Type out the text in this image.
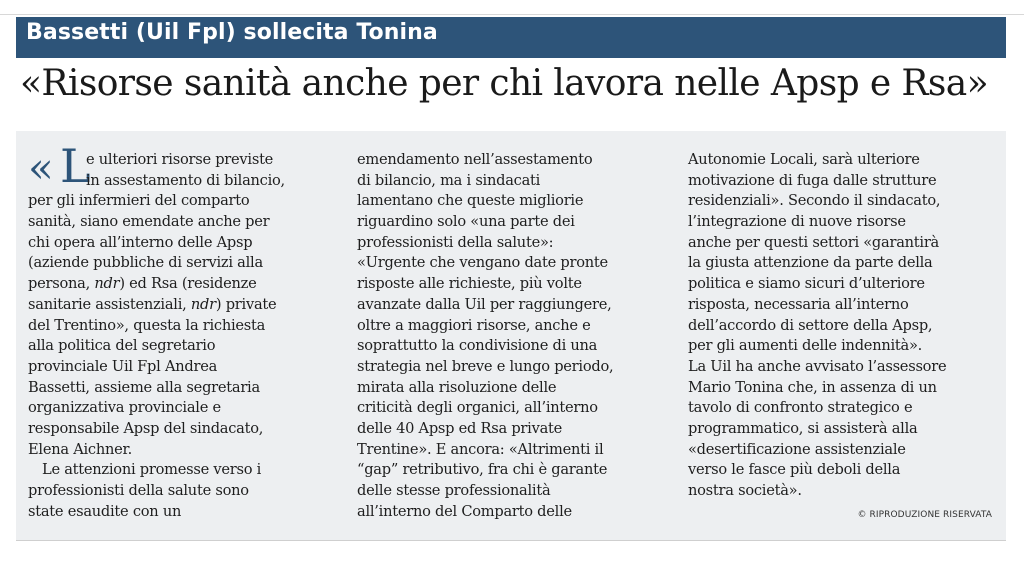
Bassetti (Uil Fpl) sollecita Tonina
«Risorse sanità anche per chi lavora nelle Apsp e Rsa»
« L
e ulteriori risorse previste
in assestamento di bilancio,
per gli infermieri del comparto
sanità, siano emendate anche per
chi opera all’interno delle Apsp
(aziende pubbliche di servizi alla
persona, ndr) ed Rsa (residenze
sanitarie assistenziali, ndr) private
del Trentino», questa la richiesta
alla politica del segretario
provinciale Uil Fpl Andrea
Bassetti, assieme alla segretaria
organizzativa provinciale e
responsabile Apsp del sindacato,
Elena Aichner.
Le attenzioni promesse verso i
professionisti della salute sono
state esaudite con un
emendamento nell’assestamento
di bilancio, ma i sindacati
lamentano che queste migliorie
riguardino solo «una parte dei
professionisti della salute»:
«Urgente che vengano date pronte
risposte alle richieste, più volte
avanzate dalla Uil per raggiungere,
oltre a maggiori risorse, anche e
soprattutto la condivisione di una
strategia nel breve e lungo periodo,
mirata alla risoluzione delle
criticità degli organici, all’interno
delle 40 Apsp ed Rsa private
Trentine». E ancora: «Altrimenti il
“gap” retributivo, fra chi è garante
delle stesse professionalità
all’interno del Comparto delle
Autonomie Locali, sarà ulteriore
motivazione di fuga dalle strutture
residenziali». Secondo il sindacato,
l’integrazione di nuove risorse
anche per questi settori «garantirà
la giusta attenzione da parte della
politica e siamo sicuri d’ulteriore
risposta, necessaria all’interno
dell’accordo di settore della Apsp,
per gli aumenti delle indennità».
La Uil ha anche avvisato l’assessore
Mario Tonina che, in assenza di un
tavolo di confronto strategico e
programmatico, si assisterà alla
«desertificazione assistenziale
verso le fasce più deboli della
nostra società».
© RIPRODUZIONE RISERVATA
